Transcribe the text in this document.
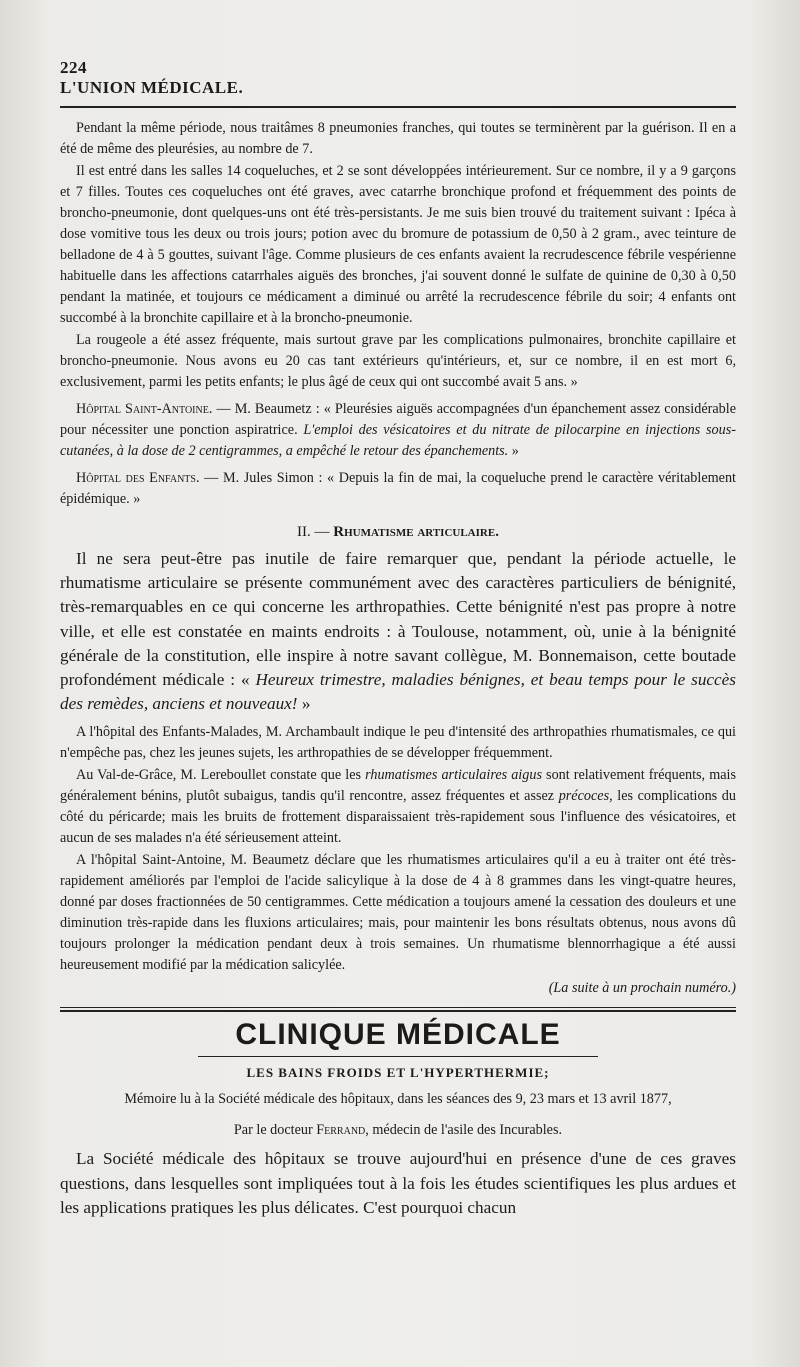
224
L'UNION MÉDICALE.

Pendant la même période, nous traitâmes 8 pneumonies franches, qui toutes se terminèrent par la guérison. Il en a été de même des pleurésies, au nombre de 7.

Il est entré dans les salles 14 coqueluches, et 2 se sont développées intérieurement. Sur ce nombre, il y a 9 garçons et 7 filles. Toutes ces coqueluches ont été graves, avec catarrhe bronchique profond et fréquemment des points de broncho-pneumonie, dont quelques-uns ont été très-persistants. Je me suis bien trouvé du traitement suivant : Ipéca à dose vomitive tous les deux ou trois jours; potion avec du bromure de potassium de 0,50 à 2 gram., avec teinture de belladone de 4 à 5 gouttes, suivant l'âge. Comme plusieurs de ces enfants avaient la recrudescence fébrile vespérienne habituelle dans les affections catarrhales aiguës des bronches, j'ai souvent donné le sulfate de quinine de 0,30 à 0,50 pendant la matinée, et toujours ce médicament a diminué ou arrêté la recrudescence fébrile du soir; 4 enfants ont succombé à la bronchite capillaire et à la broncho-pneumonie.

La rougeole a été assez fréquente, mais surtout grave par les complications pulmonaires, bronchite capillaire et broncho-pneumonie. Nous avons eu 20 cas tant extérieurs qu'intérieurs, et, sur ce nombre, il en est mort 6, exclusivement, parmi les petits enfants; le plus âgé de ceux qui ont succombé avait 5 ans. »

Hôpital Saint-Antoine. — M. Beaumetz : « Pleurésies aiguës accompagnées d'un épanchement assez considérable pour nécessiter une ponction aspiratrice. L'emploi des vésicatoires et du nitrate de pilocarpine en injections sous-cutanées, à la dose de 2 centigrammes, a empêché le retour des épanchements. »

Hôpital des Enfants. — M. Jules Simon : « Depuis la fin de mai, la coqueluche prend le caractère véritablement épidémique. »

II. — Rhumatisme articulaire.

Il ne sera peut-être pas inutile de faire remarquer que, pendant la période actuelle, le rhumatisme articulaire se présente communément avec des caractères particuliers de bénignité, très-remarquables en ce qui concerne les arthropathies. Cette bénignité n'est pas propre à notre ville, et elle est constatée en maints endroits : à Toulouse, notamment, où, unie à la bénignité générale de la constitution, elle inspire à notre savant collègue, M. Bonnemaison, cette boutade profondément médicale : « Heureux trimestre, maladies bénignes, et beau temps pour le succès des remèdes, anciens et nouveaux! »

A l'hôpital des Enfants-Malades, M. Archambault indique le peu d'intensité des arthropathies rhumatismales, ce qui n'empêche pas, chez les jeunes sujets, les arthropathies de se développer fréquemment.

Au Val-de-Grâce, M. Lereboullet constate que les rhumatismes articulaires aigus sont relativement fréquents, mais généralement bénins, plutôt subaigus, tandis qu'il rencontre, assez fréquentes et assez précoces, les complications du côté du péricarde; mais les bruits de frottement disparaissaient très-rapidement sous l'influence des vésicatoires, et aucun de ses malades n'a été sérieusement atteint.

A l'hôpital Saint-Antoine, M. Beaumetz déclare que les rhumatismes articulaires qu'il a eu à traiter ont été très-rapidement améliorés par l'emploi de l'acide salicylique à la dose de 4 à 8 grammes dans les vingt-quatre heures, donné par doses fractionnées de 50 centigrammes. Cette médication a toujours amené la cessation des douleurs et une diminution très-rapide dans les fluxions articulaires; mais, pour maintenir les bons résultats obtenus, nous avons dû toujours prolonger la médication pendant deux à trois semaines. Un rhumatisme blennorrhagique a été aussi heureusement modifié par la médication salicylée.

(La suite à un prochain numéro.)

CLINIQUE MÉDICALE
LES BAINS FROIDS ET L'HYPERTHERMIE;

Mémoire lu à la Société médicale des hôpitaux, dans les séances des 9, 23 mars et 13 avril 1877,

Par le docteur Ferrand, médecin de l'asile des Incurables.

La Société médicale des hôpitaux se trouve aujourd'hui en présence d'une de ces graves questions, dans lesquelles sont impliquées tout à la fois les études scientifiques les plus ardues et les applications pratiques les plus délicates. C'est pourquoi chacun
